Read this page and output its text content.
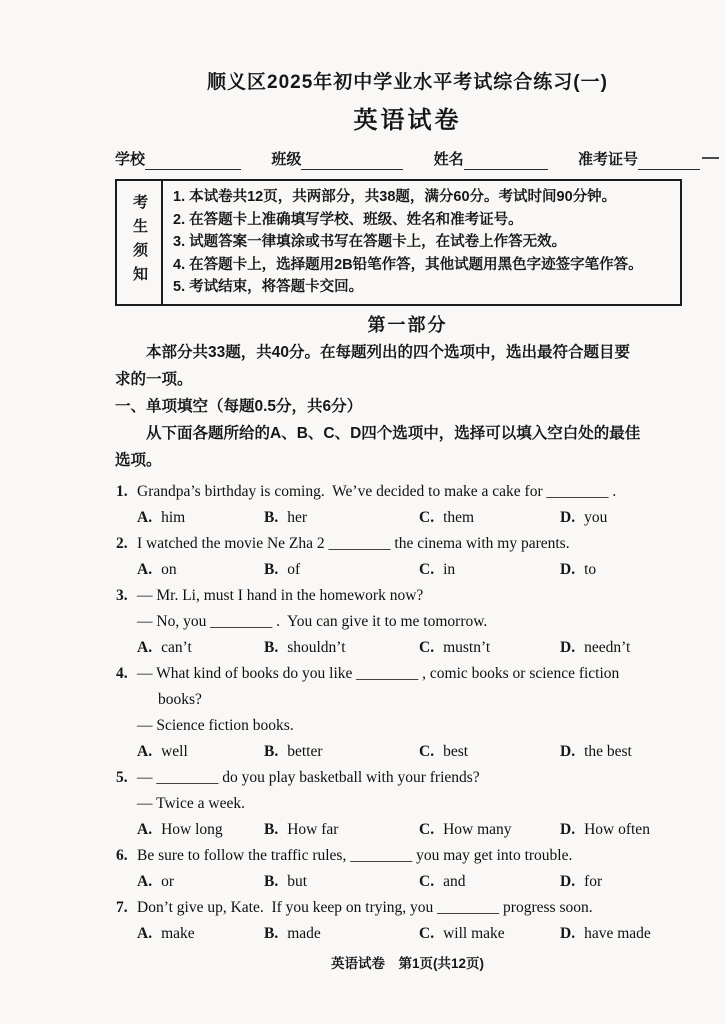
顺义区2025年初中学业水平考试综合练习(一)
英语试卷
学校	班级	姓名	准考证号
考生须知 1. 本试卷共12页，共两部分，共38题，满分60分。考试时间90分钟。
2. 在答题卡上准确填写学校、班级、姓名和准考证号。
3. 试题答案一律填涂或书写在答题卡上，在试卷上作答无效。
4. 在答题卡上，选择题用2B铅笔作答，其他试题用黑色字迹签字笔作答。
5. 考试结束，将答题卡交回。
第一部分

本部分共33题，共40分。在每题列出的四个选项中，选出最符合题目要

求的一项。

一、单项填空（每题0.5分，共6分）

从下面各题所给的A、B、C、D四个选项中，选择可以填入空白处的最佳

选项。

1. Grandpa’s birthday is coming.  We’ve decided to make a cake for ________ .
A. him	B. her	C. them	D. you
2. I watched the movie Ne Zha 2 ________ the cinema with my parents.
A. on	B. of	C. in	D. to
3. — Mr. Li, must I hand in the homework now?
— No, you ________ .  You can give it to me tomorrow.
A. can’t	B. shouldn’t	C. mustn’t	D. needn’t
4. — What kind of books do you like ________ , comic books or science fiction
books?
— Science fiction books.
A. well	B. better	C. best	D. the best
5. — ________ do you play basketball with your friends?
— Twice a week.
A. How long	B. How far	C. How many	D. How often
6. Be sure to follow the traffic rules, ________ you may get into trouble.
A. or	B. but	C. and	D. for
7. Don’t give up, Kate.  If you keep on trying, you ________ progress soon.
A. make	B. made	C. will make	D. have made
英语试卷　第1页(共12页)
